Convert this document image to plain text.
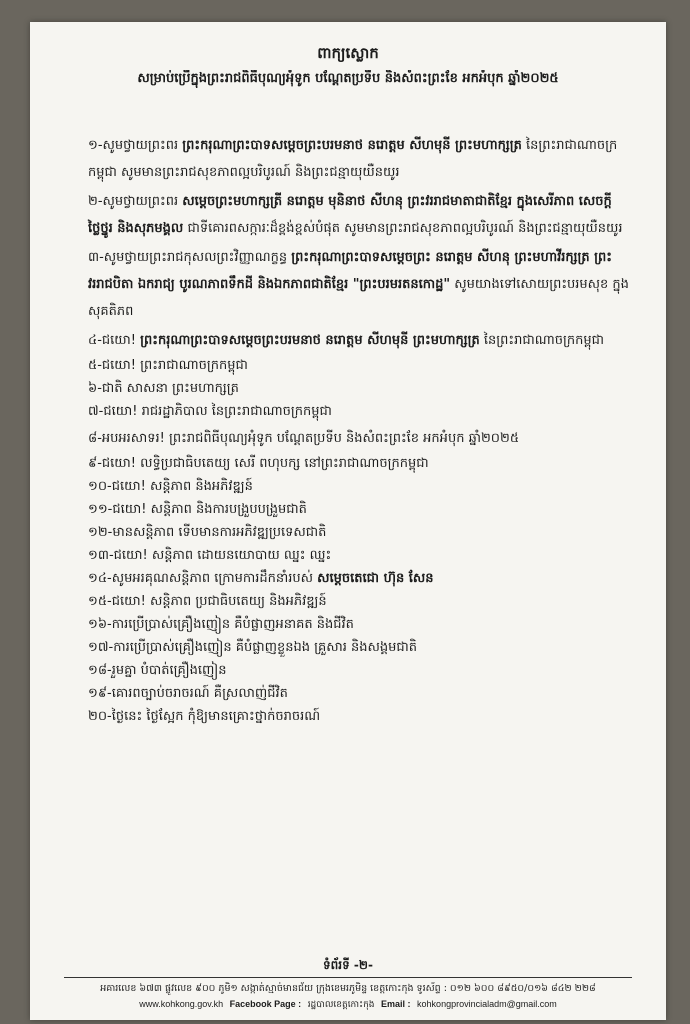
ពាក្យស្លោក
សម្រាប់ប្រើក្នុងព្រះរាជពិធីបុណ្យអុំទូក បណ្តែតប្រទីប និងសំពះព្រះខែ អកអំបុក ឆ្នាំ២០២៥
១-សូមថ្វាយព្រះពរ ព្រះករុណាព្រះបាទសម្តេចព្រះបរមនាថ នរោត្តម សីហមុនី ព្រះមហាក្សត្រ នៃព្រះរាជាណាចក្រកម្ពុជា សូមមានព្រះរាជសុខភាពល្អបរិបូរណ៍ និងព្រះជន្មាយុយឺនយូរ
២-សូមថ្វាយព្រះពរ សម្តេចព្រះមហាក្សត្រី នរោត្តម មុនិនាថ សីហនុ ព្រះវររាជមាតាជាតិខ្មែរ ក្នុងសេរីភាព សេចក្តីថ្លៃថ្នូរ និងសុភមង្គល ជាទីគោរពសក្ការៈដ៏ខ្ពង់ខ្ពស់បំផុត សូមមានព្រះរាជសុខភាពល្អបរិបូរណ៍ និងព្រះជន្មាយុយឺនយូរ
៣-សូមថ្វាយព្រះរាជកុសលព្រះវិញ្ញាណក្ខន្ធ ព្រះករុណាព្រះបាទសម្តេចព្រះ នរោត្តម សីហនុ ព្រះមហាវីរក្សត្រ ព្រះវររាជបិតា ឯករាជ្យ បូរណភាពទឹកដី និងឯកភាពជាតិខ្មែរ "ព្រះបរមរតនកោដ្ឋ" សូមយាងទៅសោយព្រះបរមសុខ ក្នុងសុគតិភព
៤-ជយោ! ព្រះករុណាព្រះបាទសម្តេចព្រះបរមនាថ នរោត្តម សីហមុនី ព្រះមហាក្សត្រ នៃព្រះរាជាណាចក្រកម្ពុជា
៥-ជយោ! ព្រះរាជាណាចក្រកម្ពុជា
៦-ជាតិ សាសនា ព្រះមហាក្សត្រ
៧-ជយោ! រាជរដ្ឋាភិបាល នៃព្រះរាជាណាចក្រកម្ពុជា
៨-អបអរសាទរ! ព្រះរាជពិធីបុណ្យអុំទូក បណ្តែតប្រទីប និងសំពះព្រះខែ អកអំបុក ឆ្នាំ២០២៥
៩-ជយោ! លទ្ធិប្រជាធិបតេយ្យ សេរី ពហុបក្ស នៅព្រះរាជាណាចក្រកម្ពុជា
១០-ជយោ! សន្តិភាព និងអភិវឌ្ឍន៍
១១-ជយោ! សន្តិភាព និងការបង្រួបបង្រួមជាតិ
១២-មានសន្តិភាព ទើបមានការអភិវឌ្ឍប្រទេសជាតិ
១៣-ជយោ! សន្តិភាព ដោយនយោបាយ ឈ្នះ ឈ្នះ
១៤-សូមអរគុណសន្តិភាព ក្រោមការដឹកនាំរបស់ សម្តេចតេជោ ហ៊ុន សែន
១៥-ជយោ! សន្តិភាព ប្រជាធិបតេយ្យ និងអភិវឌ្ឍន៍
១៦-ការប្រើប្រាស់គ្រឿងញៀន គឺបំផ្លាញអនាគត និងជីវិត
១៧-ការប្រើប្រាស់គ្រឿងញៀន គឺបំផ្លាញខ្លួនឯង គ្រួសារ និងសង្គមជាតិ
១៨-រួមគ្នា បំបាត់គ្រឿងញៀន
១៩-គោរពច្បាប់ចរាចរណ៍ គឺស្រលាញ់ជីវិត
២០-ថ្ងៃនេះ ថ្ងៃស្អែក កុំឱ្យមានគ្រោះថ្នាក់ចរាចរណ៍
ទំព័រទី -២-
អគារលេខ ៦៧៣ ផ្លូវលេខ ៩០០ ភូមិ១ សង្កាត់ស្មាច់មានជ័យ ក្រុងខេមរភូមិន្ទ ខេត្តកោះកុង ទូរស័ព្ទ : ០១២ ៦០០ ៨៩៥០/០១៦ ៨៤២ ២២៨
www.kohkong.gov.kh Facebook Page : រដ្ឋបាលខេត្តកោះកុង Email : kohkongprovincialadm@gmail.com
